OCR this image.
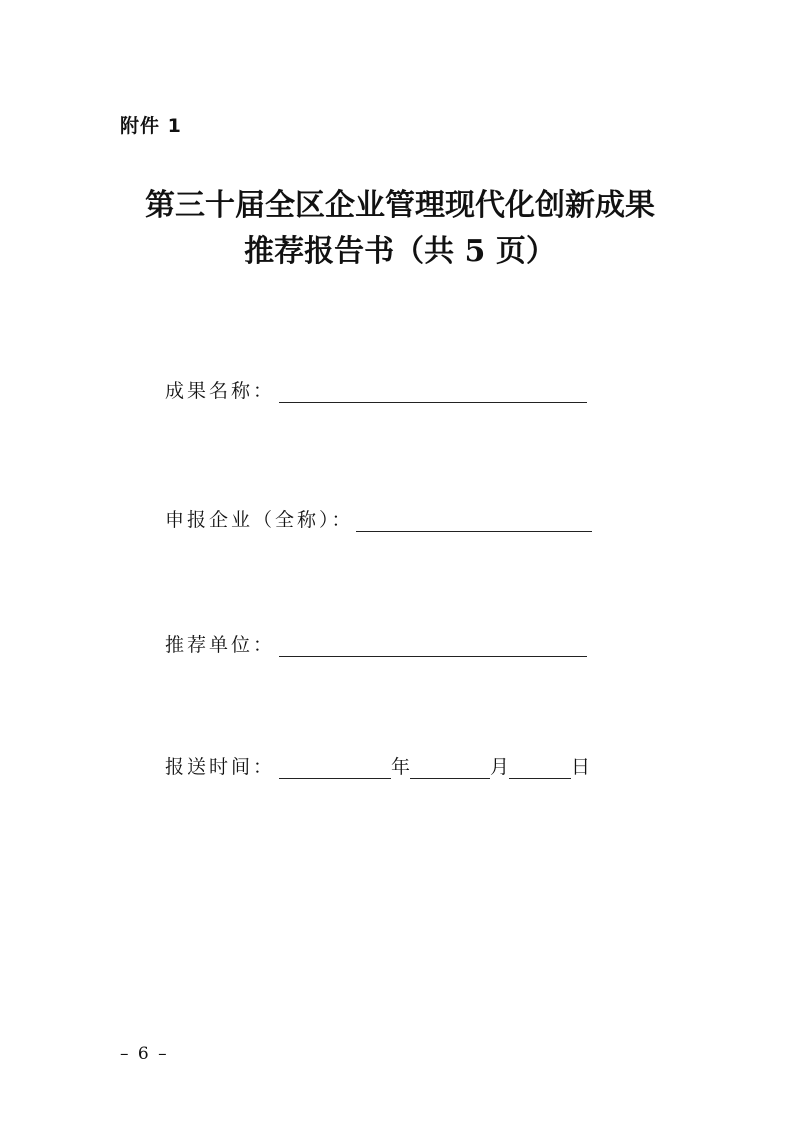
附件 1
第三十届全区企业管理现代化创新成果
推荐报告书（共 5 页）
成果名称：
申报企业（全称）：
推荐单位：
报送时间：	年	月	日
– 6 –
